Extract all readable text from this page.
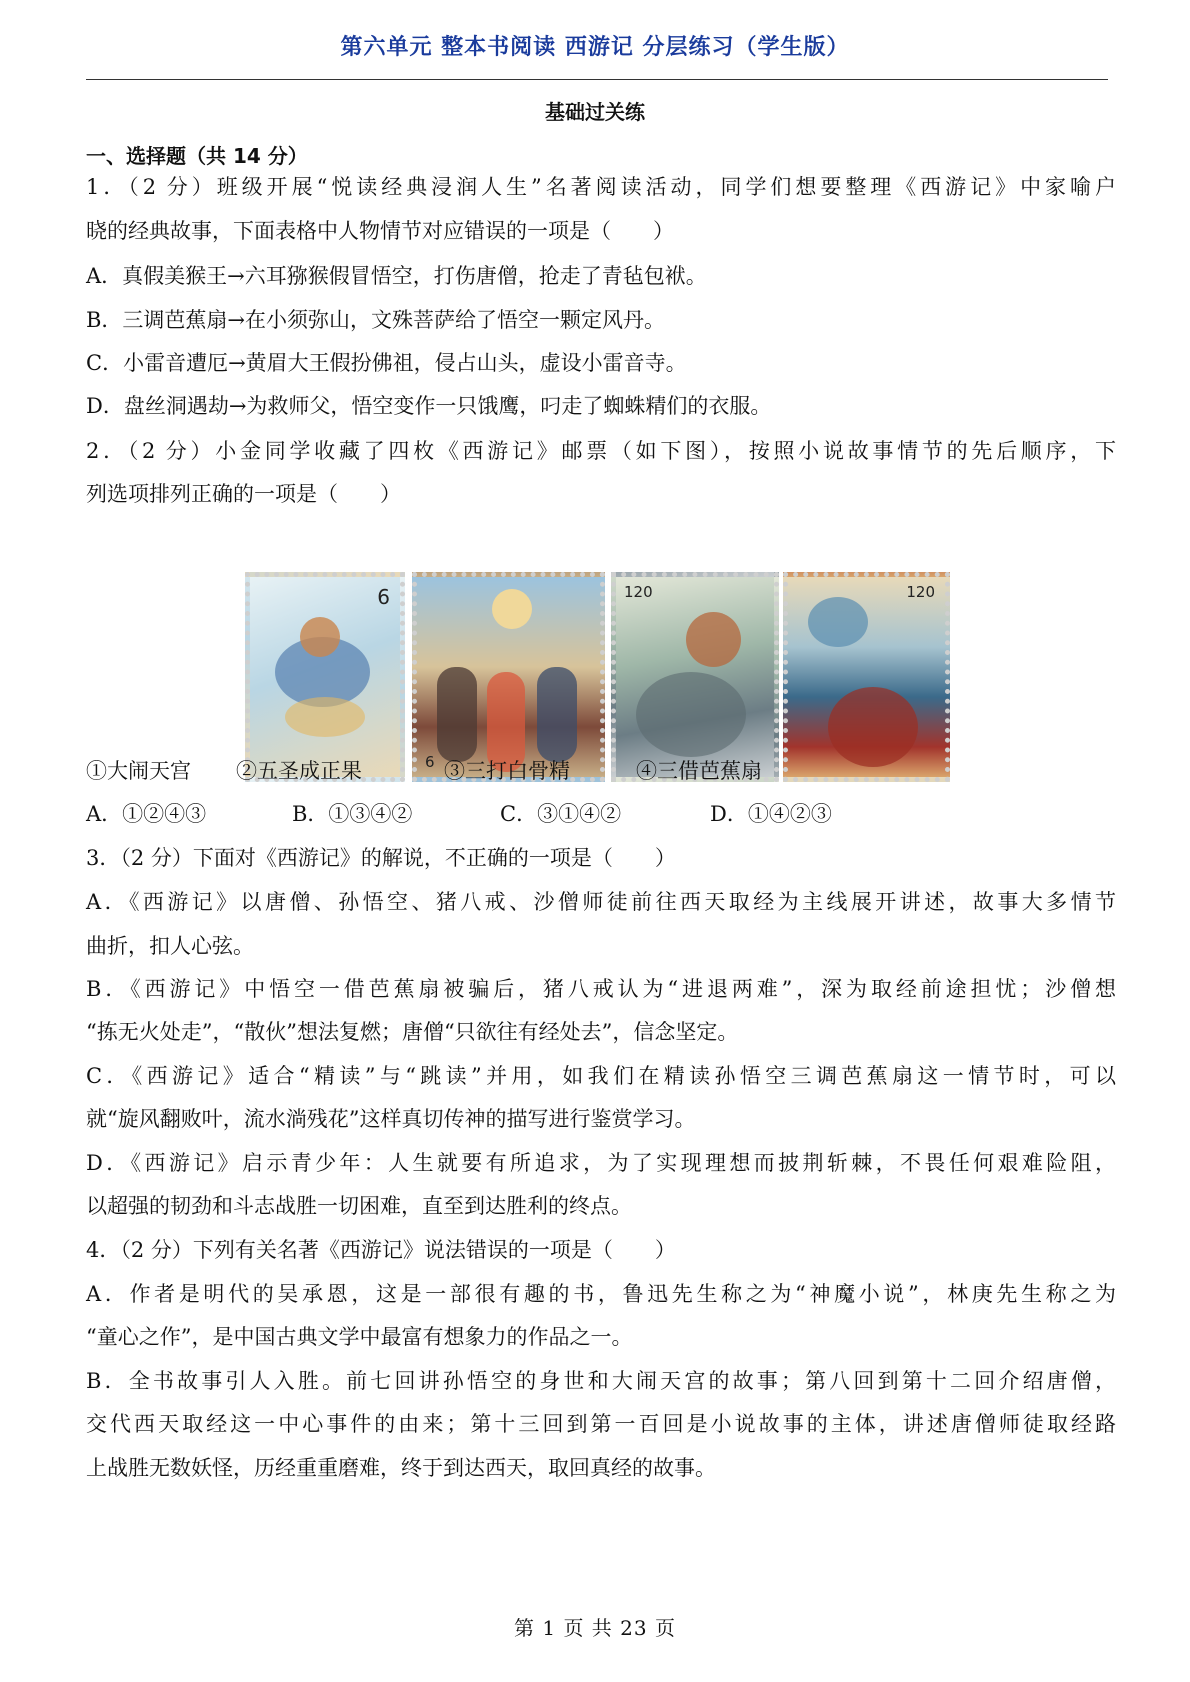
第六单元 整本书阅读 西游记 分层练习（学生版）
基础过关练
一、选择题（共 14 分）
1．（2 分）班级开展“悦读经典浸润人生”名著阅读活动，同学们想要整理《西游记》中家喻户
晓的经典故事，下面表格中人物情节对应错误的一项是（　　）
A．真假美猴王→六耳猕猴假冒悟空，打伤唐僧，抢走了青毡包袱。
B．三调芭蕉扇→在小须弥山，文殊菩萨给了悟空一颗定风丹。
C．小雷音遭厄→黄眉大王假扮佛祖，侵占山头，虚设小雷音寺。
D．盘丝洞遇劫→为救师父，悟空变作一只饿鹰，叼走了蜘蛛精们的衣服。
2．（2 分）小金同学收藏了四枚《西游记》邮票（如下图），按照小说故事情节的先后顺序，下
列选项排列正确的一项是（　　）
6
6
120	120
①大闹天宫 ②五圣成正果	③三打白骨精	④三借芭蕉扇
A．①②④③	B．①③④②	C．③①④②	D．①④②③
3．（2 分）下面对《西游记》的解说，不正确的一项是（　　）
A．《西游记》以唐僧、孙悟空、猪八戒、沙僧师徒前往西天取经为主线展开讲述，故事大多情节
曲折，扣人心弦。
B．《西游记》中悟空一借芭蕉扇被骗后，猪八戒认为“进退两难”，深为取经前途担忧；沙僧想
“拣无火处走”，“散伙”想法复燃；唐僧“只欲往有经处去”，信念坚定。
C．《西游记》适合“精读”与“跳读”并用，如我们在精读孙悟空三调芭蕉扇这一情节时，可以
就“旋风翻败叶，流水淌残花”这样真切传神的描写进行鉴赏学习。
D．《西游记》启示青少年：人生就要有所追求，为了实现理想而披荆斩棘，不畏任何艰难险阻，
以超强的韧劲和斗志战胜一切困难，直至到达胜利的终点。
4．（2 分）下列有关名著《西游记》说法错误的一项是（　　）
A．作者是明代的吴承恩，这是一部很有趣的书，鲁迅先生称之为“神魔小说”，林庚先生称之为
“童心之作”，是中国古典文学中最富有想象力的作品之一。
B．全书故事引人入胜。前七回讲孙悟空的身世和大闹天宫的故事；第八回到第十二回介绍唐僧，
交代西天取经这一中心事件的由来；第十三回到第一百回是小说故事的主体，讲述唐僧师徒取经路
上战胜无数妖怪，历经重重磨难，终于到达西天，取回真经的故事。
第 1 页 共 23 页
